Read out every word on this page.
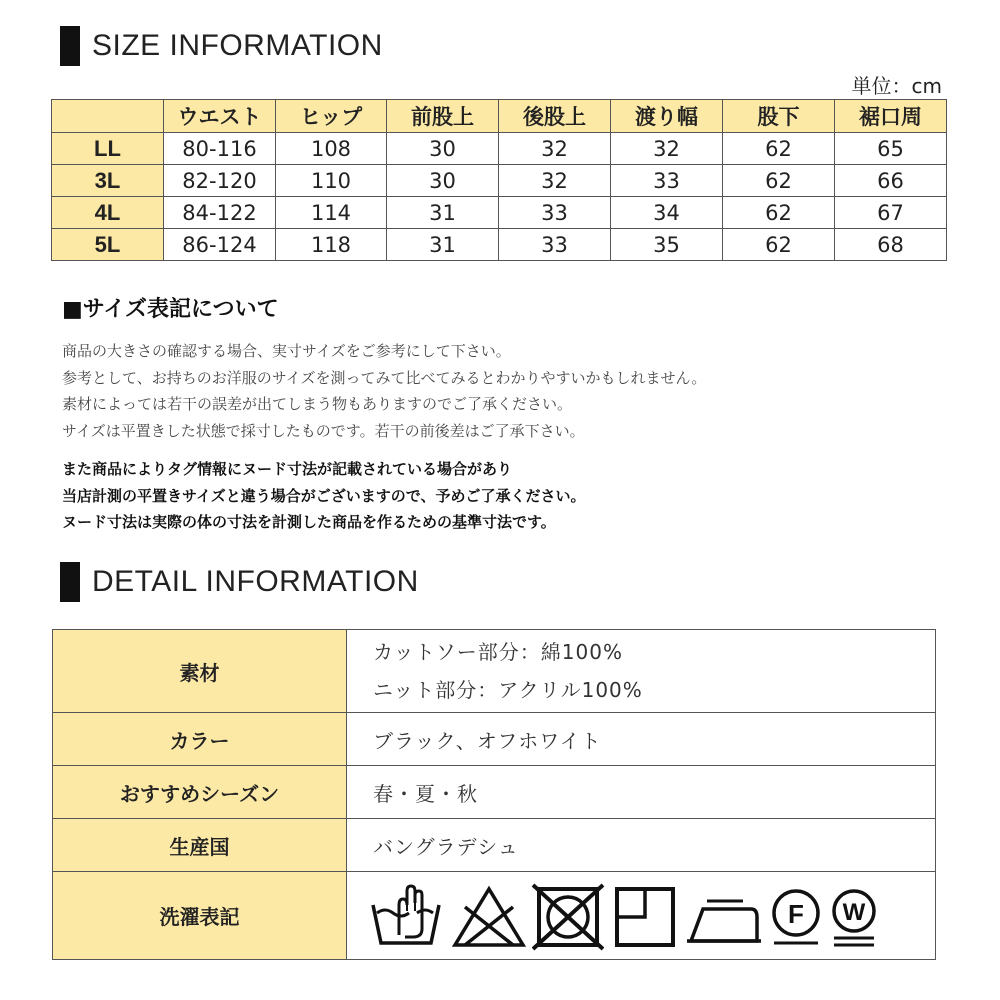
SIZE INFORMATION
単位：cm
	ウエスト	ヒップ	前股上	後股上	渡り幅	股下	裾口周
LL	80-116	108	30	32	32	62	65
3L	82-120	110	30	32	33	62	66
4L	84-122	114	31	33	34	62	67
5L	86-124	118	31	33	35	62	68
■サイズ表記について

商品の大きさの確認する場合、実寸サイズをご参考にして下さい。

参考として、お持ちのお洋服のサイズを測ってみて比べてみるとわかりやすいかもしれません。

素材によっては若干の誤差が出てしまう物もありますのでご了承ください。

サイズは平置きした状態で採寸したものです。若干の前後差はご了承下さい。

また商品によりタグ情報にヌード寸法が記載されている場合があり

当店計測の平置きサイズと違う場合がございますので、予めご了承ください。

ヌード寸法は実際の体の寸法を計測した商品を作るための基準寸法です。

DETAIL INFORMATION
素材	カットソー部分：綿100%
ニット部分：アクリル100%

カラー	ブラック、オフホワイト
おすすめシーズン	春・夏・秋
生産国	バングラデシュ
洗濯表記	F W
